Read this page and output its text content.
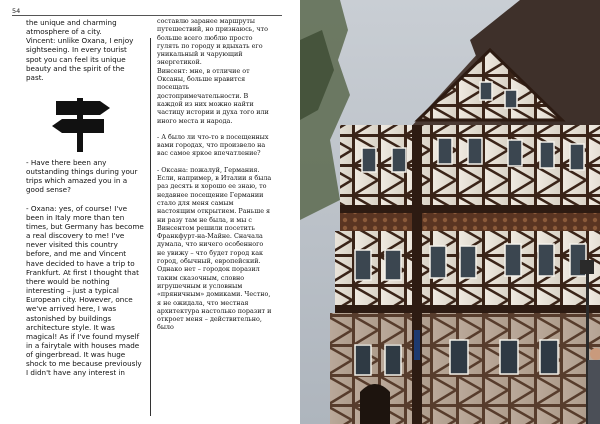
54

the unique and charming atmosphere of a city.

Vincent: unlike Oxana, I enjoy sightseeing. In every tourist spot you can feel its unique beauty and the spirit of the past.

- Have there been any outstanding things during your trips which amazed you in a good sense?

- Oxana: yes, of course! I've been in Italy more than ten times, but Germany has become a real discovery to me! I've never visited this country before, and me and Vincent have decided to have a trip to Frankfurt. At first I thought that there would be nothing interesting – just a typical European city. However, once we've arrived here, I was astonished by buildings architecture style. It was magical! As if I've found myself in a fairytale with houses made of gingerbread. It was huge shock to me because previously I didn't have any interest in

составлю заранее маршруты путешествий, но признаюсь, что больше всего люблю просто гулять по городу и вдыхать его уникальный и чарующий энергетикой.

Винсент: мне, в отличие от Оксаны, больше нравится посещать достопримечательности. В каждой из них можно найти частицу истории и духа того или иного места и народа.

- А было ли что-то в посещенных вами городах, что произвело на вас самое яркое впечатление?

- Оксана: пожалуй, Германия. Если, например, в Италии я была раз десять и хорошо ее знаю, то недавнее посещение Германии стало для меня самым настоящим открытием. Раньше я ни разу там не была, и мы с Винсентом решили посетить Франкфурт-на-Майне. Сначала думала, что ничего особенного не увижу – что будет город как город, обычный, европейский. Однако нет – городок поразил таким сказочным, словно игрушечным и условным «пряничным» домиками. Честно, я не ожидала, что местная архитектура настолько поразит и откроет меня – действительно, было
